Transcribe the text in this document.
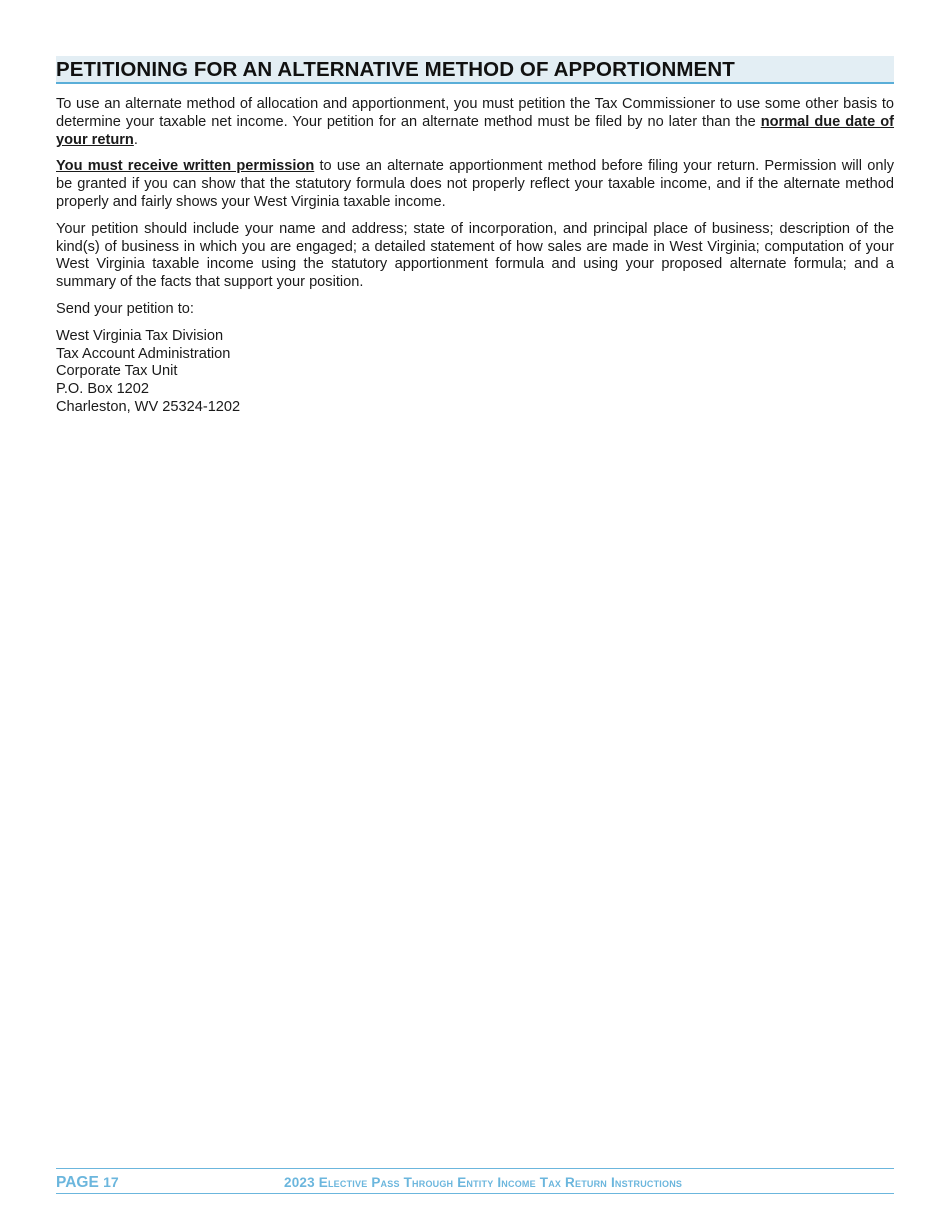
PETITIONING FOR AN ALTERNATIVE METHOD OF APPORTIONMENT

To use an alternate method of allocation and apportionment, you must petition the Tax Commissioner to use some other basis to determine your taxable net income. Your petition for an alternate method must be filed by no later than the normal due date of your return.

You must receive written permission to use an alternate apportionment method before filing your return. Permission will only be granted if you can show that the statutory formula does not properly reflect your taxable income, and if the alternate method properly and fairly shows your West Virginia taxable income.

Your petition should include your name and address; state of incorporation, and principal place of business; description of the kind(s) of business in which you are engaged; a detailed statement of how sales are made in West Virginia; computation of your West Virginia taxable income using the statutory apportionment formula and using your proposed alternate formula; and a summary of the facts that support your position.

Send your petition to:

West Virginia Tax Division
Tax Account Administration
Corporate Tax Unit
P.O. Box 1202
Charleston, WV 25324-1202
PAGE 17	2023 Elective Pass Through Entity Income Tax Return Instructions
